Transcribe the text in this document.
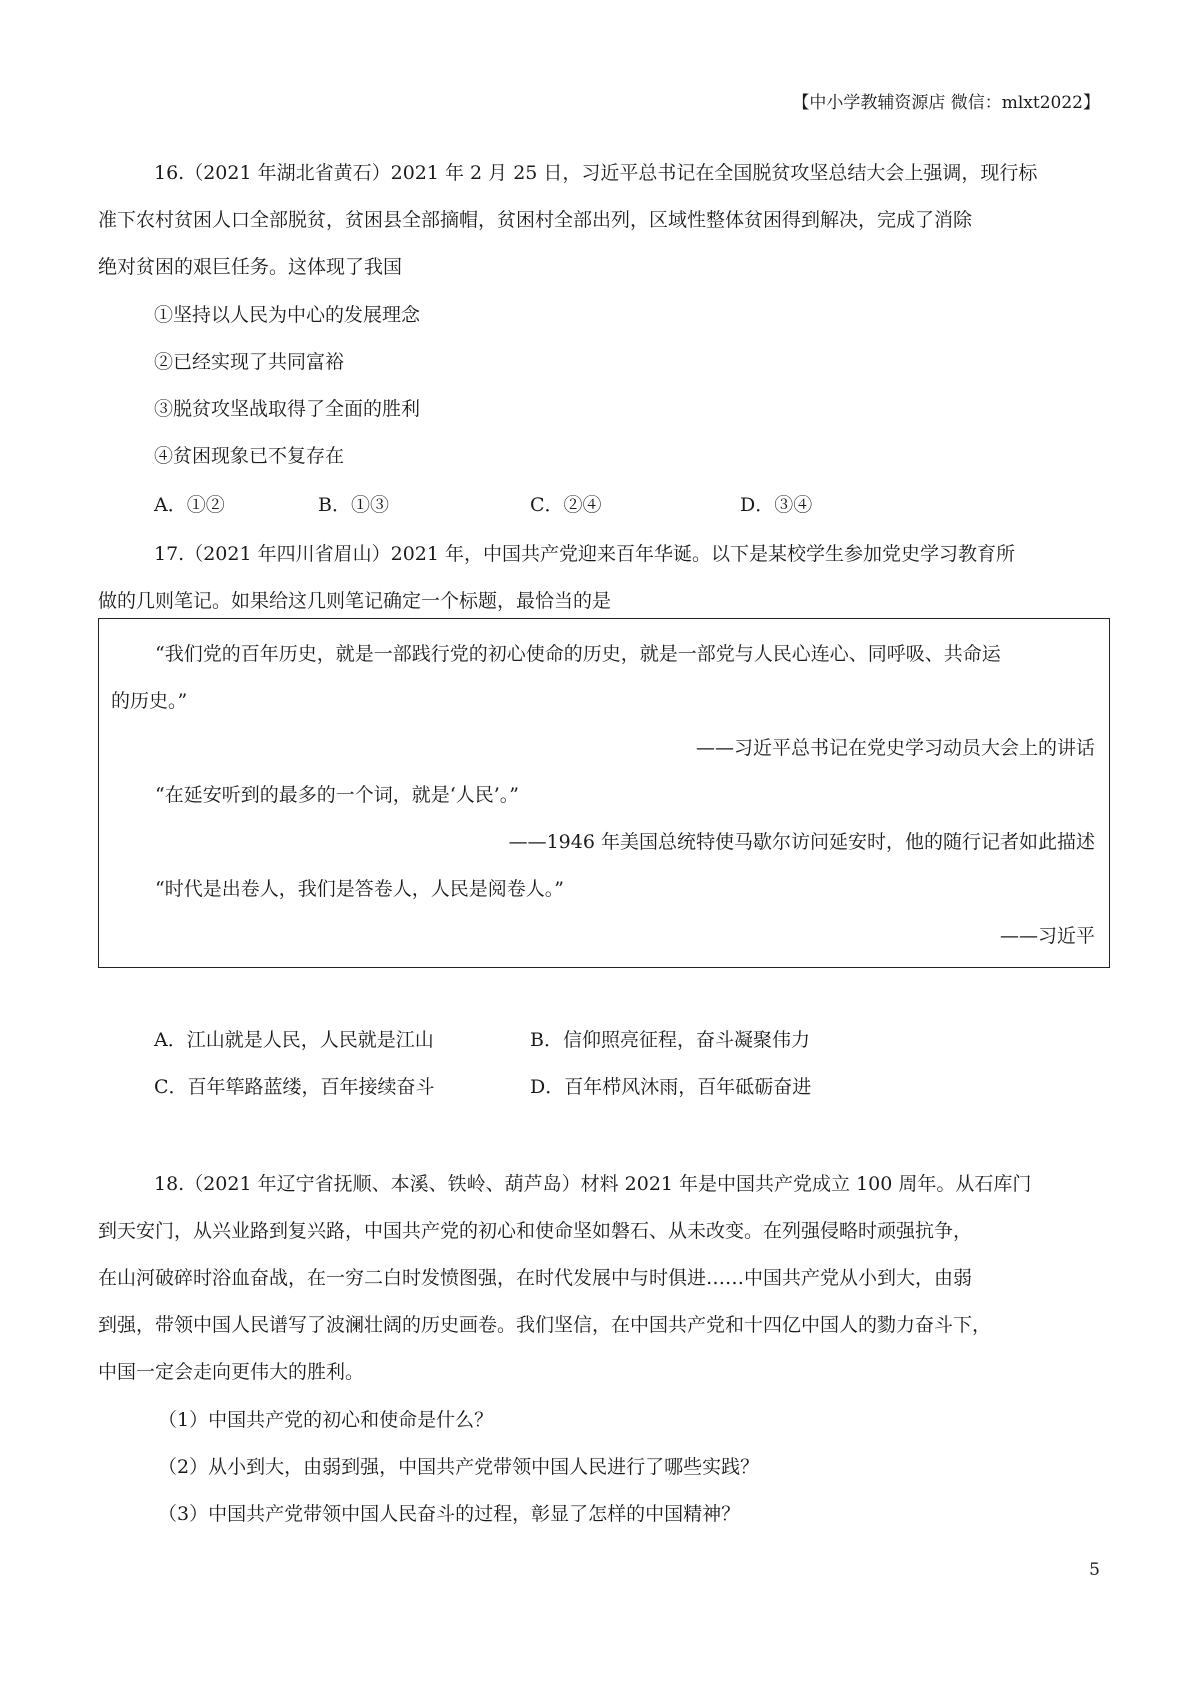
【中小学教辅资源店 微信：mlxt2022】
16.（2021 年湖北省黄石）2021 年 2 月 25 日，习近平总书记在全国脱贫攻坚总结大会上强调，现行标
准下农村贫困人口全部脱贫，贫困县全部摘帽，贫困村全部出列，区域性整体贫困得到解决，完成了消除
绝对贫困的艰巨任务。这体现了我国
①坚持以人民为中心的发展理念
②已经实现了共同富裕
③脱贫攻坚战取得了全面的胜利
④贫困现象已不复存在
A．①②	B．①③	C．②④	D．③④
17.（2021 年四川省眉山）2021 年，中国共产党迎来百年华诞。以下是某校学生参加党史学习教育所
做的几则笔记。如果给这几则笔记确定一个标题，最恰当的是
“我们党的百年历史，就是一部践行党的初心使命的历史，就是一部党与人民心连心、同呼吸、共命运
的历史。”
——习近平总书记在党史学习动员大会上的讲话
“在延安听到的最多的一个词，就是‘人民’。”
——1946 年美国总统特使马歇尔访问延安时，他的随行记者如此描述
“时代是出卷人，我们是答卷人，人民是阅卷人。”
——习近平
A．江山就是人民，人民就是江山	B．信仰照亮征程，奋斗凝聚伟力
C．百年筚路蓝缕，百年接续奋斗	D．百年栉风沐雨，百年砥砺奋进
18.（2021 年辽宁省抚顺、本溪、铁岭、葫芦岛）材料 2021 年是中国共产党成立 100 周年。从石库门
到天安门，从兴业路到复兴路，中国共产党的初心和使命坚如磐石、从未改变。在列强侵略时顽强抗争，
在山河破碎时浴血奋战，在一穷二白时发愤图强，在时代发展中与时俱进……中国共产党从小到大，由弱
到强，带领中国人民谱写了波澜壮阔的历史画卷。我们坚信，在中国共产党和十四亿中国人的勠力奋斗下，
中国一定会走向更伟大的胜利。
（1）中国共产党的初心和使命是什么？
（2）从小到大，由弱到强，中国共产党带领中国人民进行了哪些实践？
（3）中国共产党带领中国人民奋斗的过程，彰显了怎样的中国精神？
5
